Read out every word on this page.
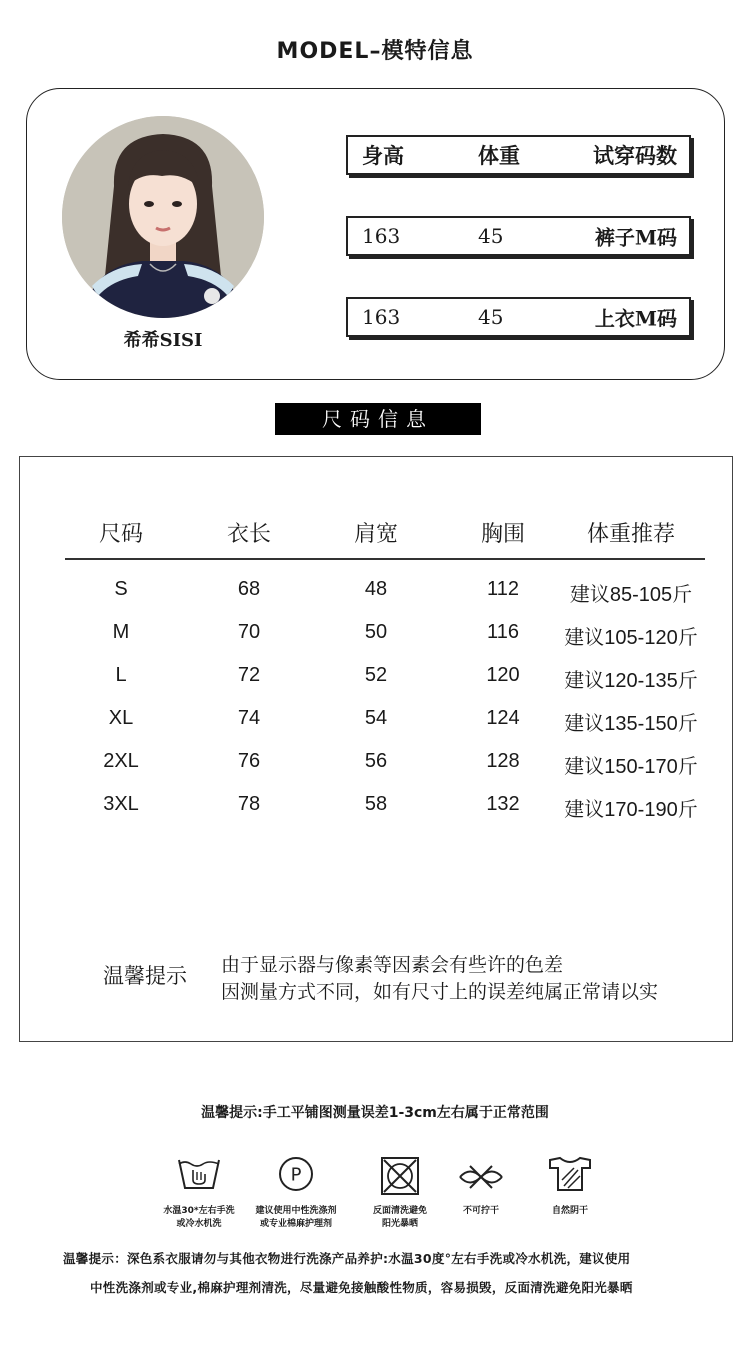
MODEL–模特信息
希希SISI
身高	体重	试穿码数
163	45	裤子M码
163	45	上衣M码
尺码信息
尺码	衣长	肩宽	胸围	体重推荐
S	68	48	112	建议85-105斤
M	70	50	116 建议105-120斤
L	72	52	120 建议120-135斤
XL	74	54	124 建议135-150斤
2XL	76	56	128 建议150-170斤
3XL	78	58	132 建议170-190斤
温馨提示 由于显示器与像素等因素会有些许的色差
因测量方式不同，如有尺寸上的误差纯属正常请以实
温馨提示:手工平铺图测量误差1-3cm左右属于正常范围
水温30*左右手洗
或冷水机洗
P
建议使用中性洗涤剂
或专业棉麻护理剂
反面清洗避免
阳光暴晒
不可拧干	自然阴干
温馨提示：深色系衣服请勿与其他衣物进行洗涤产品养护:水温30度°左右手洗或冷水机洗，建议使用
中性洗涤剂或专业,棉麻护理剂清洗，尽量避免接触酸性物质，容易损毁，反面清洗避免阳光暴晒
